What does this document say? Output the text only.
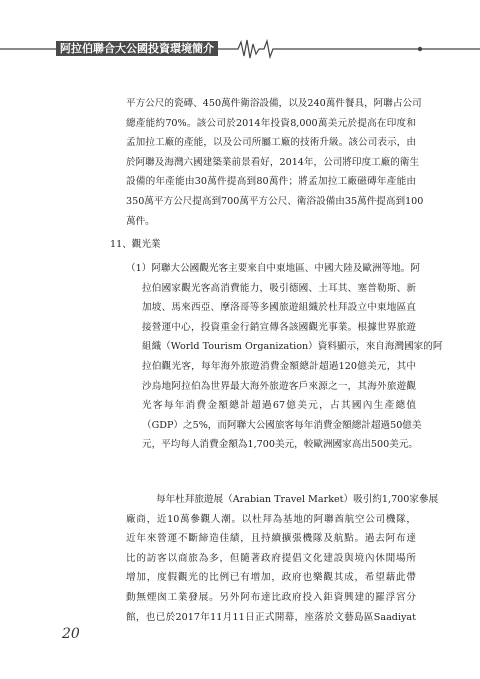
阿拉伯聯合大公國投資環境簡介
平方公尺的瓷磚、450萬件衛浴設備，以及240萬件餐具，阿聯占公司
總產能約70%。該公司於2014年投資8,000萬美元於提高在印度和
孟加拉工廠的產能，以及公司所屬工廠的技術升級。該公司表示，由
於阿聯及海灣六國建築業前景看好，2014年，公司將印度工廠的衛生
設備的年產能由30萬件提高到80萬件；將孟加拉工廠磁磚年產能由
350萬平方公尺提高到700萬平方公尺、衛浴設備由35萬件提高到100
萬件。
11、觀光業
（1）阿聯大公國觀光客主要來自中東地區、中國大陸及歐洲等地。阿
拉伯國家觀光客高消費能力，吸引德國、土耳其、塞普勒斯、新
加坡、馬來西亞、摩洛哥等多國旅遊組織於杜拜設立中東地區直
接營運中心，投資重金行銷宣傳各該國觀光事業。根據世界旅遊
組織（World Tourism Organization）資料顯示，來自海灣國家的阿
拉伯觀光客，每年海外旅遊消費金額總計超過120億美元，其中
沙烏地阿拉伯為世界最大海外旅遊客戶來源之一，其海外旅遊觀
光客每年消費金額總計超過67億美元，占其國內生產總值
（GDP）之5%，而阿聯大公國旅客每年消費金額總計超過50億美
元，平均每人消費金額為1,700美元，較歐洲國家高出500美元。
每年杜拜旅遊展（Arabian Travel Market）吸引約1,700家參展
廠商，近10萬參觀人潮。以杜拜為基地的阿聯酋航空公司機隊，
近年來營運不斷締造佳績，且持續擴張機隊及航點。過去阿布達
比的訪客以商旅為多，但隨著政府提倡文化建設與境內休閒場所
增加，度假觀光的比例已有增加，政府也樂觀其成，希望藉此帶
動無煙囪工業發展。另外阿布達比政府投入鉅資興建的羅浮宮分
館，也已於2017年11月11日正式開幕，座落於文藝島區Saadiyat
20
